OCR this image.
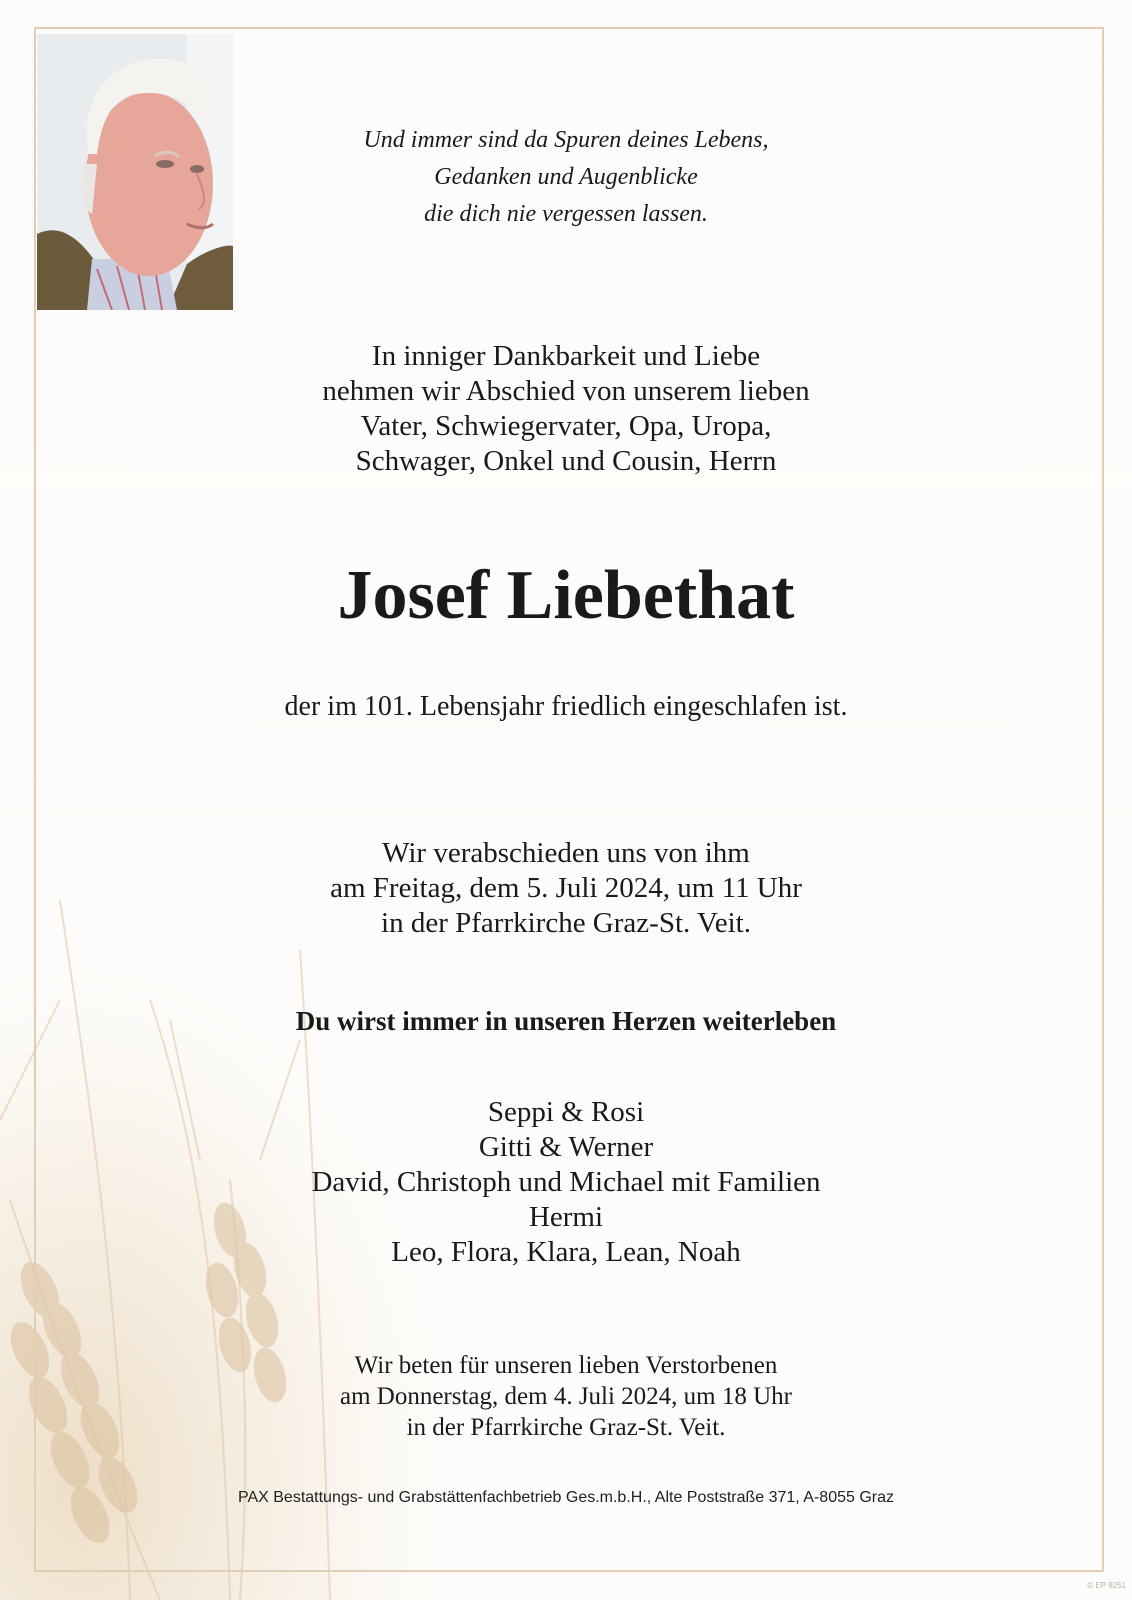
Und immer sind da Spuren deines Lebens,
Gedanken und Augenblicke
die dich nie vergessen lassen.
In inniger Dankbarkeit und Liebe
nehmen wir Abschied von unserem lieben
Vater, Schwiegervater, Opa, Uropa,
Schwager, Onkel und Cousin, Herrn
Josef Liebethat
der im 101. Lebensjahr friedlich eingeschlafen ist.
Wir verabschieden uns von ihm
am Freitag, dem 5. Juli 2024, um 11 Uhr
in der Pfarrkirche Graz-St. Veit.
Du wirst immer in unseren Herzen weiterleben
Seppi & Rosi
Gitti & Werner
David, Christoph und Michael mit Familien
Hermi
Leo, Flora, Klara, Lean, Noah
Wir beten für unseren lieben Verstorbenen
am Donnerstag, dem 4. Juli 2024, um 18 Uhr
in der Pfarrkirche Graz-St. Veit.
PAX Bestattungs- und Grabstättenfachbetrieb Ges.m.b.H., Alte Poststraße 371, A-8055 Graz
© EP 9251
